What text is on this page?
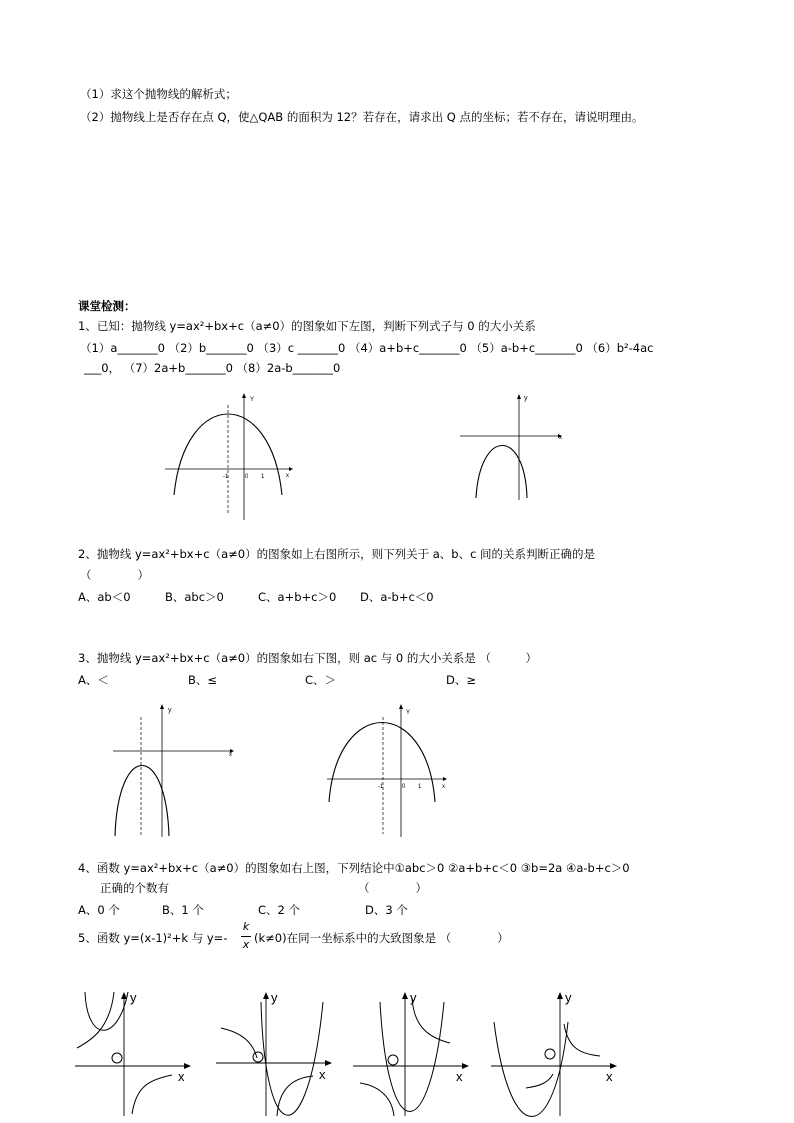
（1）求这个抛物线的解析式；
（2）抛物线上是否存在点 Q，使△QAB 的面积为 12？若存在，请求出 Q 点的坐标；若不存在，请说明理由。
课堂检测：
1、已知：抛物线 y=ax²+bx+c（a≠0）的图象如下左图，判断下列式子与 0 的大小关系
（1）a_______0 （2）b_______0 （3）c _______0 （4）a+b+c_______0 （5）a-b+c_______0 （6）b²-4ac
___0， （7）2a+b_______0 （8）2a-b_______0
Y
x
-1	0 1
y
x
2、抛物线 y=ax²+bx+c（a≠0）的图象如上右图所示，则下列关于 a、b、c 间的关系判断正确的是
（　　　　）
A、ab＜0	B、abc＞0	C、a+b+c＞0 D、a-b+c＜0
3、抛物线 y=ax²+bx+c（a≠0）的图象如右下图，则 ac 与 0 的大小关系是 （　　　）
A、＜	B、≤	C、＞	D、≥
y
x
Y
x
-1	0 1
4、函数 y=ax²+bx+c（a≠0）的图象如右上图，下列结论中①abc＞0 ②a+b+c＜0 ③b=2a ④a-b+c＞0
正确的个数有	（　　　　）
A、0 个	B、1 个	C、2 个	D、3 个
5、函数 y=(x-1)²+k 与 y=-
k
x (k≠0)在同一坐标系中的大致图象是 （　　　　）
y
x
y
x
y
x
y
x
